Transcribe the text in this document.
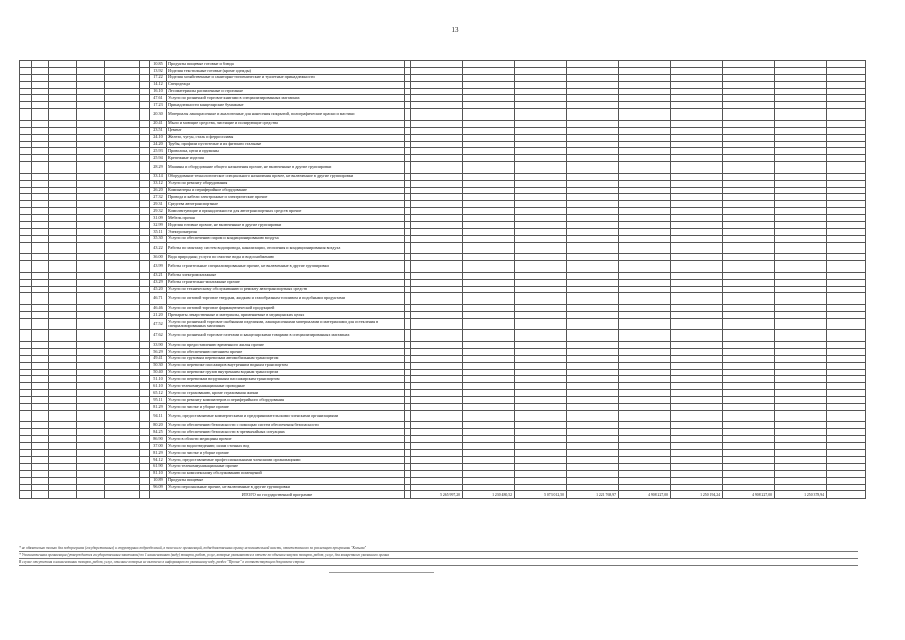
13
						10.85	Продукты пищевые готовые и блюда										
						13.92	Изделия текстильные готовые (кроме одежды)										
						17.22	Изделия хозяйственные и санитарно-гигиенические и туалетные принадлежности										
						14.12	Спецодежда										
						16.10	Лесоматериалы распиленные и строганые										
						47.61	Услуги по розничной торговле книгами в специализированных магазинах										
						17.23	Принадлежности канцелярские бумажные										
						20.30	Материалы лакокрасочные и аналогичные для нанесения покрытий, полиграфические краски и мастики										
						20.41	Мыло и моющие средства, чистящие и полирующие средства										
						23.51	Цемент										
						24.10	Железо, чугун, сталь и ферросплавы										
						24.20	Трубы, профили пустотелые и их фитинги стальные										
						25.93	Проволока, цепи и пружины										
						25.94	Крепежные изделия										
						28.29	Машины и оборудование общего назначения прочие, не включенные в другие группировки										
						33.14	Оборудование технологическое специального назначения прочее, не включенное в другие группировки										
						33.12	Услуги по ремонту оборудования										
						26.20	Компьютеры и периферийное оборудование										
						27.32	Провода и кабели электронные и электрические прочие										
						29.31	Средства автотранспортные										
						29.32	Комплектующие и принадлежности для автотранспортных средств прочие										
						31.09	Мебель прочая										
						32.99	Изделия готовые прочие, не включенные в другие группировки										
						35.11	Электроэнергия										
						35.30	Услуги по обеспечению паром и кондиционированию воздуха										
						43.22	Работы по монтажу систем водопровода, канализации, отопления и кондиционирования воздуха										
						36.00	Вода природная; услуги по очистке воды и водоснабжению										
						43.99	Работы строительные специализированные прочие, не включенные в другие группировки										
						43.21	Работы электромонтажные										
						43.29	Работы строительно-монтажные прочие										
						45.20	Услуги по техническому обслуживанию и ремонту автотранспортных средств										
						46.71	Услуги по оптовой торговле твердым, жидким и газообразным топливом и подобными продуктами										
						46.46	Услуги по оптовой торговле фармацевтической продукцией										
						21.20	Препараты лекарственные и материалы, применяемые в медицинских целях										
						47.52	Услуги по розничной торговле скобяными изделиями, лакокрасочными материалами и материалами для остекления в специализированных магазинах										
						47.62	Услуги по розничной торговле газетами и канцелярскими товарами в специализированных магазинах										
						33.90	Услуги по предоставлению временного жилья прочие										
						56.29	Услуги по обеспечению питанием прочие										
						49.41	Услуги по грузовым перевозкам автомобильным транспортом										
						50.30	Услуги по перевозке пассажиров внутренним водным транспортом										
						50.40	Услуги по перевозке грузов внутренним водным транспортом										
						51.10	Услуги по перевозкам воздушным пассажирским транспортом										
						61.10	Услуги телекоммуникационные проводные										
						65.12	Услуги по страхованию, кроме страхования жизни										
						95.11	Услуги по ремонту компьютеров и периферийного оборудования										
						81.29	Услуги по чистке и уборке прочие										
						94.11	Услуги, предоставляемые коммерческими и предпринимательскими членскими организациями										
						80.20	Услуги по обеспечению безопасности с помощью систем обеспечения безопасности										
						84.25	Услуги по обеспечению безопасности в чрезвычайных ситуациях										
						86.90	Услуги в области медицины прочие										
						37.00	Услуги по водоотведению; шлам сточных вод										
						81.29	Услуги по чистке и уборке прочие										
						94.12	Услуги, предоставляемые профессиональными членскими организациями										
						61.90	Услуги телекоммуникационные прочие										
						81.10	Услуги по комплексному обслуживанию помещений										
						10.89	Продукты пищевые										
						96.09	Услуги персональные прочие, не включенные в другие группировки										
						ИТОГО по государственной программе			5 265 997,20	1 230 480,52	5 073 012,50	1 221 768,97	4 908 227,00	1 250 194,24	4 908 227,00	1 250 378,94	
* не обязательно только для подпрограмм (государственных) и структурных подразделений, в том числе организаций, подведомственных органу исполнительной власти, ответственного за реализацию программы "Колыма"
* Уполномоченная организация (утверждается государственным заказчиком) по 1 наименованию (виду) товаров, работ, услуг, которые указываются в отчете по объемам закупок товаров, работ, услуг, для конкретного указанного органа
В случае отсутствия в наименовании товаров, работ, услуг, описание которых не включено в информацию по указанному коду, раздел "Прочие" в соответствующем документе строки
